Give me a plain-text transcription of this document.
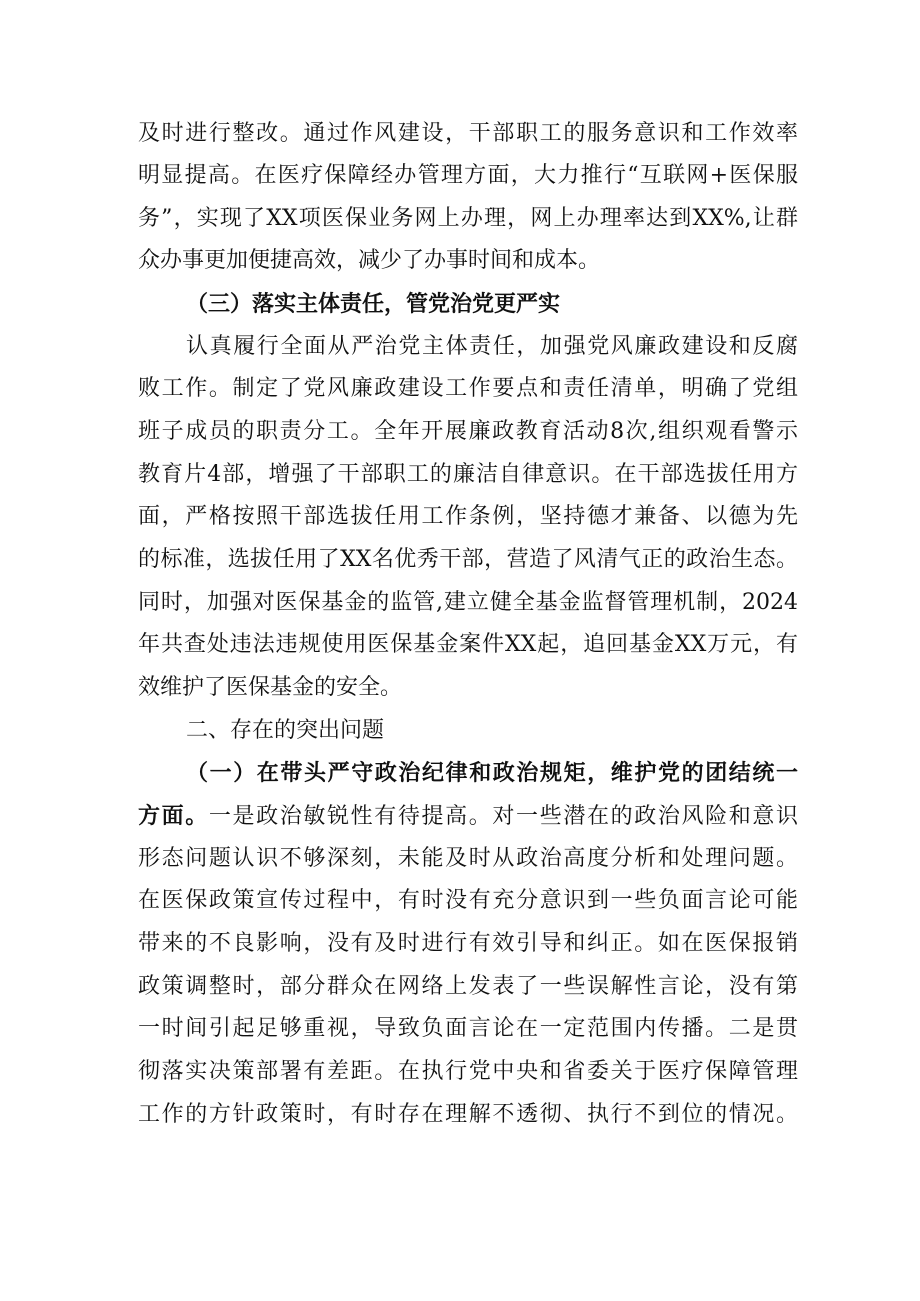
及时进行整改。通过作风建设，干部职工的服务意识和工作效率
明显提高。在医疗保障经办管理方面，大力推行“互联网+医保服
务”，实现了XX项医保业务网上办理，网上办理率达到XX%,让群
众办事更加便捷高效，减少了办事时间和成本。
（三）落实主体责任，管党治党更严实
认真履行全面从严治党主体责任，加强党风廉政建设和反腐
败工作。制定了党风廉政建设工作要点和责任清单，明确了党组
班子成员的职责分工。全年开展廉政教育活动8次,组织观看警示
教育片4部，增强了干部职工的廉洁自律意识。在干部选拔任用方
面，严格按照干部选拔任用工作条例，坚持德才兼备、以德为先
的标准，选拔任用了XX名优秀干部，营造了风清气正的政治生态。
同时，加强对医保基金的监管,建立健全基金监督管理机制，2024
年共查处违法违规使用医保基金案件XX起，追回基金XX万元，有
效维护了医保基金的安全。
二、存在的突出问题
（一）在带头严守政治纪律和政治规矩，维护党的团结统一
方面。一是政治敏锐性有待提高。对一些潜在的政治风险和意识
形态问题认识不够深刻，未能及时从政治高度分析和处理问题。
在医保政策宣传过程中，有时没有充分意识到一些负面言论可能
带来的不良影响，没有及时进行有效引导和纠正。如在医保报销
政策调整时，部分群众在网络上发表了一些误解性言论，没有第
一时间引起足够重视，导致负面言论在一定范围内传播。二是贯
彻落实决策部署有差距。在执行党中央和省委关于医疗保障管理
工作的方针政策时，有时存在理解不透彻、执行不到位的情况。
